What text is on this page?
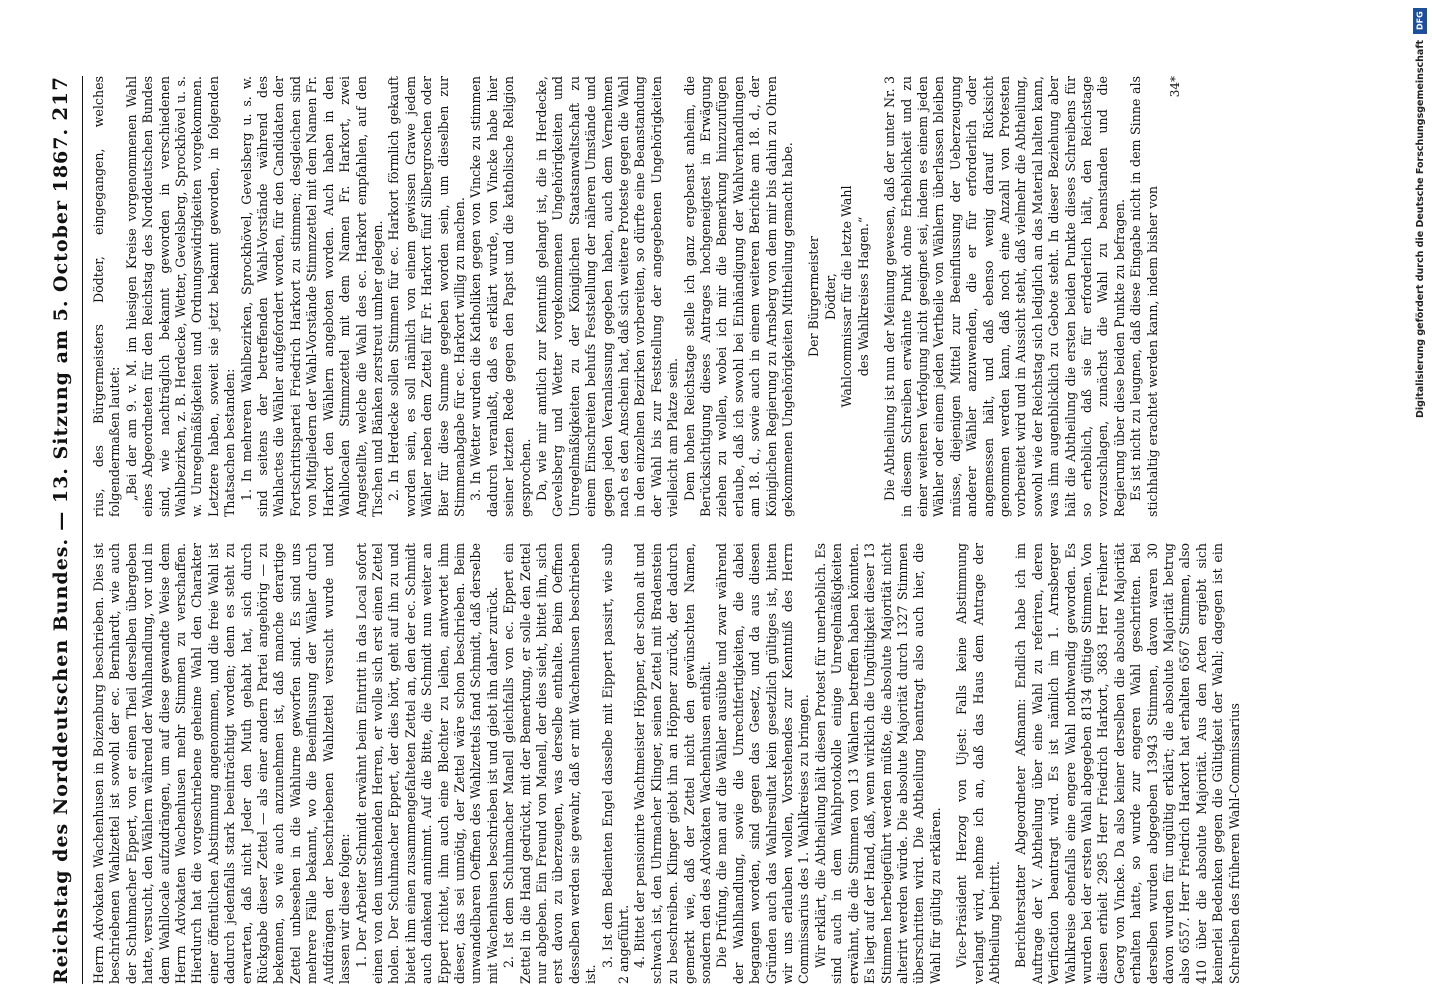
Reichstag des Norddeutschen Bundes.
— 13. Sitzung am 5. October 1867.
217

Herrn Advokaten Wachenhusen in Boizenburg beschrieben. Dies ist beschriebenen Wahlzettel ist sowohl der ec. Bernhardt, wie auch der Schuhmacher Eppert, von er einen Theil derselben übergeben hatte, versucht, den Wählern während der Wahlhandlung, vor und in dem Wahllocale aufzudrängen, um auf diese gewandte Weise dem Herrn Advokaten Wachenhusen mehr Stimmen zu verschaffen. Hierdurch hat die vorgeschriebene geheime Wahl den Charakter einer öffentlichen Abstimmung angenommen, und die freie Wahl ist dadurch jedenfalls stark beeinträchtigt worden; denn es steht zu erwarten, daß nicht Jeder den Muth gehabt hat, sich durch Rückgabe dieser Zettel — als einer andern Partei angehörig — zu bekennen, so wie auch anzunehmen ist, daß manche derartige Zettel unbesehen in die Wahlurne geworfen sind. Es sind uns mehrere Fälle bekannt, wo die Beeinflussung der Wähler durch Aufdrängen der beschriebenen Wahlzettel versucht wurde und lassen wir diese folgen: 1. Der Arbeiter Schmidt erwähnt beim Eintritt in das Local sofort einen von den umstehenden Herren, er wolle sich erst einen Zettel holen. Der Schuhmacher Eppert, der dies hört, geht auf ihn zu und bietet ihm einen zusammengefalteten Zettel an, den der ec. Schmidt auch dankend annimmt. Auf die Bitte, die Schmidt nun weiter an Eppert richtet, ihm auch eine Blechter zu leihen, antwortet ihm dieser, das sei unnötig, der Zettel wäre schon beschrieben. Beim unwandelbaren Oeffnen des Wahlzettels fand Schmidt, daß derselbe mit Wachenhusen beschrieben ist und giebt ihn daher zurück. 2. Ist dem Schuhmacher Manell gleichfalls von ec. Eppert ein Zettel in die Hand gedrückt, mit der Bemerkung, er solle den Zettel nur abgeben. Ein Freund von Manell, der dies sieht, bittet ihn, sich erst davon zu überzeugen, was derselbe enthalte. Beim Oeffnen desselben werden sie gewahr, daß er mit Wachenhusen beschrieben ist.

3. Ist dem Bedienten Engel dasselbe mit Eippert passirt, wie sub 2 angeführt. 4. Bittet der pensionirte Wachtmeister Höppner, der schon alt und schwach ist, den Uhrmacher Klinger, seinen Zettel mit Bradenstein zu beschreiben. Klinger giebt ihn an Höppner zurück, der dadurch gemerkt wie, daß der Zettel nicht den gewünschten Namen, sondern den des Advokaten Wachenhusen enthält. Die Prüfung, die man auf die Wähler ausübte und zwar während der Wahlhandlung, sowie die Unrechtfertigkeiten, die dabei begangen worden, sind gegen das Gesetz, und da aus diesen Gründen auch das Wahlresultat kein gesetzlich gültiges ist, bitten wir uns erlauben wollen, Vorstehendes zur Kenntniß des Herrn Commissarius des 1. Wahlkreises zu bringen. Wir erklärt, die Abtheilung hält diesen Protest für unerheblich. Es sind auch in dem Wahlprotokolle einige Unregelmäßigkeiten erwähnt, die die Stimmen von 13 Wählern betreffen haben könnten. Es liegt auf der Hand, daß, wenn wirklich die Ungültigkeit dieser 13 Stimmen herbeigeführt werden müßte, die absolute Majorität nicht alterirt werden würde. Die absolute Majorität durch 1327 Stimmen überschritten wird. Die Abtheilung beantragt also auch hier, die Wahl für gültig zu erklären. Vice-Präsident Herzog von Ujest: Falls keine Abstimmung verlangt wird, nehme ich an, daß das Haus dem Antrage der Abtheilung beitritt. Berichterstatter Abgeordneter Aßmann: Endlich habe ich im Auftrage der V. Abtheilung über eine Wahl zu referiren, deren Verification beantragt wird. Es ist nämlich im 1. Arnsberger Wahlkreise ebenfalls eine engere Wahl nothwendig geworden. Es wurden bei der ersten Wahl abgegeben 8134 gültige Stimmen. Von diesen erhielt 2985 Herr Friedrich Harkort, 3683 Herr Freiherr Georg von Vincke. Da also keiner derselben die absolute Majorität erhalten hatte, so wurde zur engeren Wahl geschritten. Bei derselben wurden abgegeben 13943 Stimmen, davon waren 30 davon wurden für ungültig erklärt; die absolute Majorität betrug also 6557. Herr Friedrich Harkort hat erhalten 6567 Stimmen, also 410 über die absolute Majorität. Aus den Acten ergiebt sich keinerlei Bedenken gegen die Gültigkeit der Wahl; dagegen ist ein Schreiben des früheren Wahl-Commissarius

rius, des Bürgermeisters Dödter, eingegangen, welches folgendermaßen lautet: „Bei der am 9. v. M. im hiesigen Kreise vorgenommenen Wahl eines Abgeordneten für den Reichstag des Norddeutschen Bundes sind, wie nachträglich bekannt geworden in verschiedenen Wahlbezirken, z. B. Herdecke, Wetter, Gevelsberg, Sprockhövel u. s. w. Unregelmäßigkeiten und Ordnungswidrigkeiten vorgekommen. Letztere haben, soweit sie jetzt bekannt geworden, in folgenden Thatsachen bestanden: 1. In mehreren Wahlbezirken, Sprockhövel, Gevelsberg u. s. w. sind seitens der betreffenden Wahl-Vorstände während des Wahlactes die Wähler aufgefordert worden, für den Candidaten der Fortschrittspartei Friedrich Harkort zu stimmen; desgleichen sind von Mitgliedern der Wahl-Vorstände Stimmzettel mit dem Namen Fr. Harkort den Wählern angeboten worden. Auch haben in den Wahllocalen Stimmzettel mit dem Namen Fr. Harkort, zwei Angestellte, welche die Wahl des ec. Harkort empfahlen, auf den Tischen und Bänken zerstreut umher gelegen. 2. In Herdecke sollen Stimmen für ec. Harkort förmlich gekauft worden sein, es soll nämlich von einem gewissen Grawe jedem Wähler neben dem Zettel für Fr. Harkort fünf Silbergroschen oder Bier für diese Summe gegeben worden sein, um dieselben zur Stimmenabgabe für ec. Harkort willig zu machen. 3. In Wetter wurden die Katholiken gegen von Vincke zu stimmen dadurch veranlaßt, daß es erklärt wurde, von Vincke habe hier seiner letzten Rede gegen den Papst und die katholische Religion gesprochen. Da, wie mir amtlich zur Kenntniß gelangt ist, die in Herdecke, Gevelsberg und Wetter vorgekommenen Ungehörigkeiten und Unregelmäßigkeiten zu der Königlichen Staatsanwaltschaft zu einem Einschreiten behufs Feststellung der näheren Umstände und gegen jeden Veranlassung gegeben haben, auch dem Vernehmen nach es den Anschein hat, daß sich weitere Proteste gegen die Wahl in den einzelnen Bezirken vorbereiten, so dürfte eine Beanstandung der Wahl bis zur Feststellung der angegebenen Ungehörigkeiten vielleicht am Platze sein. Dem hohen Reichstage stelle ich ganz ergebenst anheim, die Berücksichtigung dieses Antrages hochgeneigtest in Erwägung ziehen zu wollen, wobei ich mir die Bemerkung hinzuzufügen erlaube, daß ich sowohl bei Einhändigung der Wahlverhandlungen am 18. d., sowie auch in einem weiteren Berichte am 18. d., der Königlichen Regierung zu Arnsberg von dem mir bis dahin zu Ohren gekommenen Ungehörigkeiten Mittheilung gemacht habe. Der Bürgermeister Dödter, Wahlcommissar für die letzte Wahl des Wahlkreises Hagen.“ Die Abtheilung ist nun der Meinung gewesen, daß der unter Nr. 3 in diesem Schreiben erwähnte Punkt ohne Erheblichkeit und zu einer weiteren Verfolgung nicht geeignet sei, indem es einem jeden Wähler oder einem jeden Vertheile von Wählern überlassen bleiben müsse, diejenigen Mittel zur Beeinflussung der Ueberzeugung anderer Wähler anzuwenden, die er für erforderlich oder angemessen hält, und daß ebenso wenig darauf Rücksicht genommen werden kann, daß noch eine Anzahl von Protesten vorbereitet wird und in Aussicht steht, daß vielmehr die Abtheilung, sowohl wie der Reichstag sich lediglich an das Material halten kann, was ihm augenblicklich zu Gebote steht. In dieser Beziehung aber hält die Abtheilung die ersten beiden Punkte dieses Schreibens für so erheblich, daß sie für erforderlich hält, den Reichstage vorzuschlagen, zunächst die Wahl zu beanstanden und die Regierung über diese beiden Punkte zu befragen. Es ist nicht zu leugnen, daß diese Eingabe nicht in dem Sinne als stichhaltig erachtet werden kann, indem bisher von

34*
DFG
Digitalisierung gefördert durch die Deutsche Forschungsgemeinschaft
